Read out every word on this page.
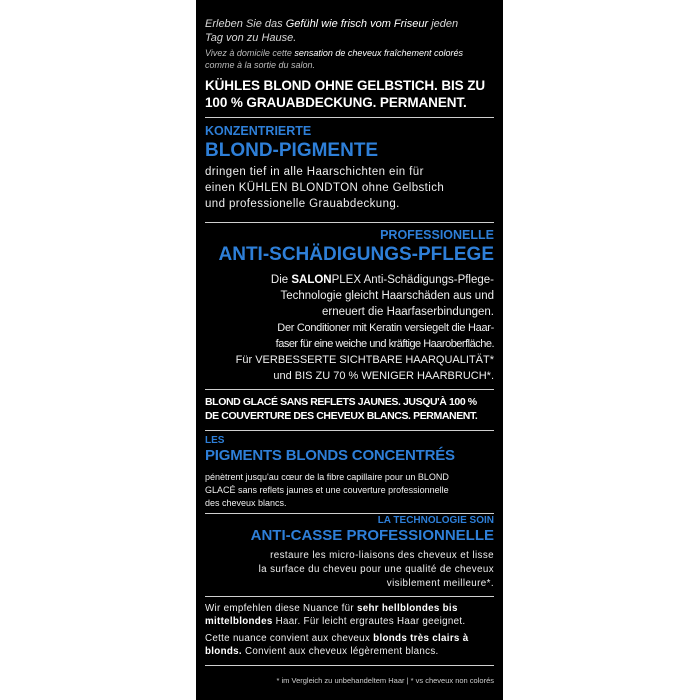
Erleben Sie das Gefühl wie frisch vom Friseur jeden
Tag von zu Hause.
Vivez à domicile cette sensation de cheveux fraîchement colorés
comme à la sortie du salon.
KÜHLES BLOND OHNE GELBSTICH. BIS ZU
100 % GRAUABDECKUNG. PERMANENT.
KONZENTRIERTE
BLOND-PIGMENTE
dringen tief in alle Haarschichten ein für
einen KÜHLEN BLONDTON ohne Gelbstich
und professionelle Grauabdeckung.
PROFESSIONELLE
ANTI-SCHÄDIGUNGS-PFLEGE
Die SALONPLEX Anti-Schädigungs-Pflege-
Technologie gleicht Haarschäden aus und
erneuert die Haarfaserbindungen.
Der Conditioner mit Keratin versiegelt die Haar-
faser für eine weiche und kräftige Haaroberfläche.
Für VERBESSERTE SICHTBARE HAARQUALITÄT*
und BIS ZU 70 % WENIGER HAARBRUCH*.
BLOND GLACÉ SANS REFLETS JAUNES. JUSQU'À 100 %
DE COUVERTURE DES CHEVEUX BLANCS. PERMANENT.
LES
PIGMENTS BLONDS CONCENTRÉS
pénètrent jusqu'au cœur de la fibre capillaire pour un BLOND
GLACÉ sans reflets jaunes et une couverture professionnelle
des cheveux blancs.
LA TECHNOLOGIE SOIN
ANTI-CASSE PROFESSIONNELLE
restaure les micro-liaisons des cheveux et lisse
la surface du cheveu pour une qualité de cheveux
visiblement meilleure*.
Wir empfehlen diese Nuance für sehr hellblondes bis
mittelblondes Haar. Für leicht ergrautes Haar geeignet.
Cette nuance convient aux cheveux blonds très clairs à
blonds. Convient aux cheveux légèrement blancs.
* im Vergleich zu unbehandeltem Haar | * vs cheveux non colorés
